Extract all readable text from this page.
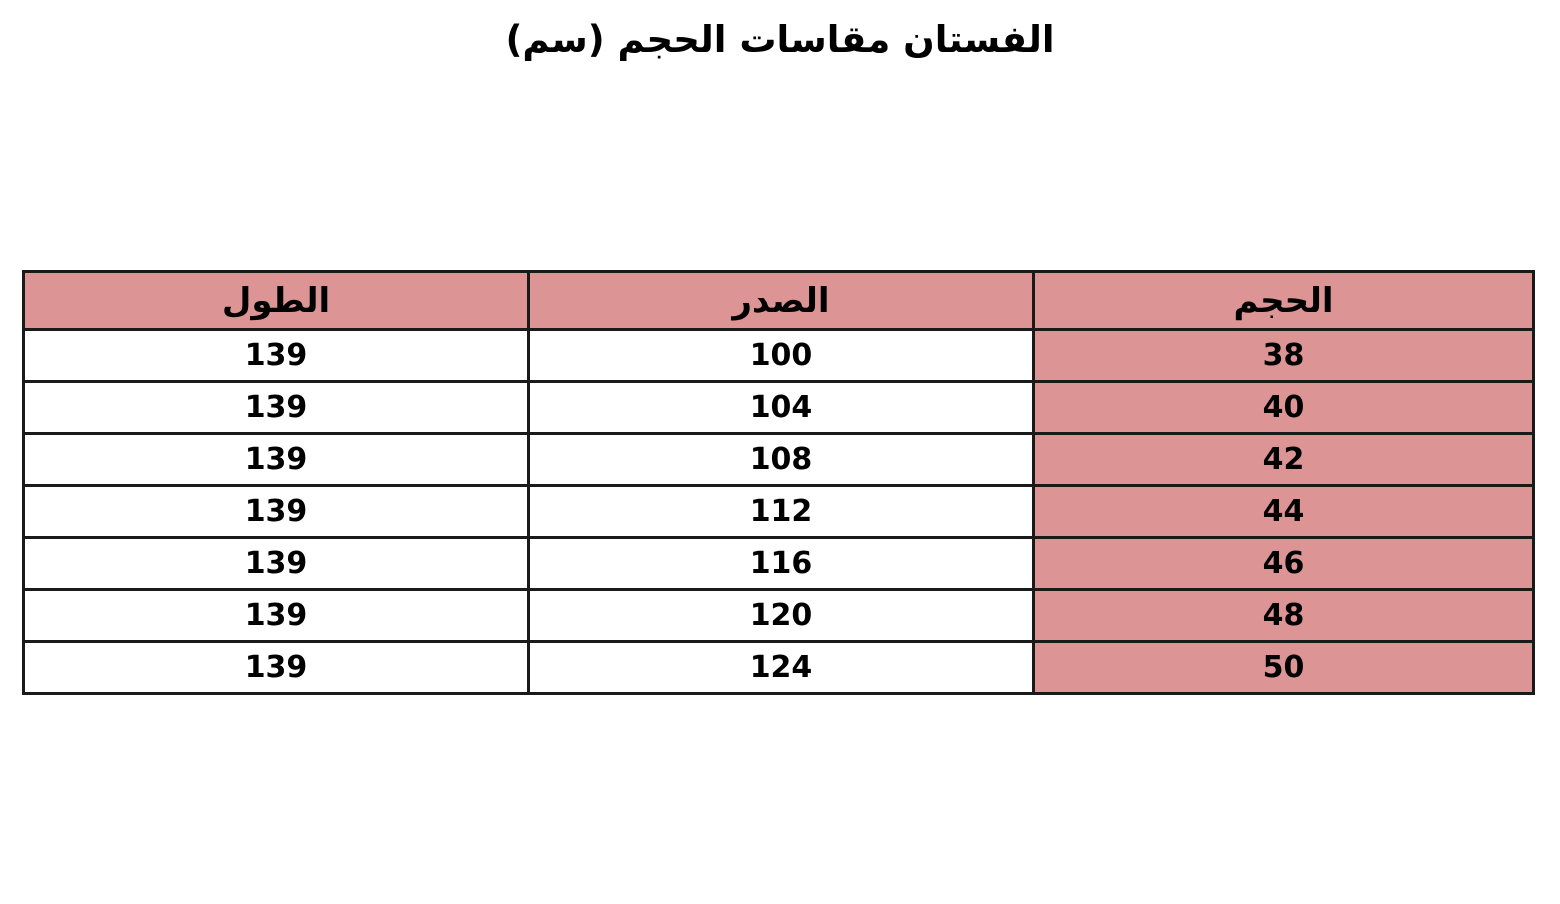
الفستان مقاسات الحجم (سم)
الحجم	الصدر	الطول
38	100	139
40	104	139
42	108	139
44	112	139
46	116	139
48	120	139
50	124	139
